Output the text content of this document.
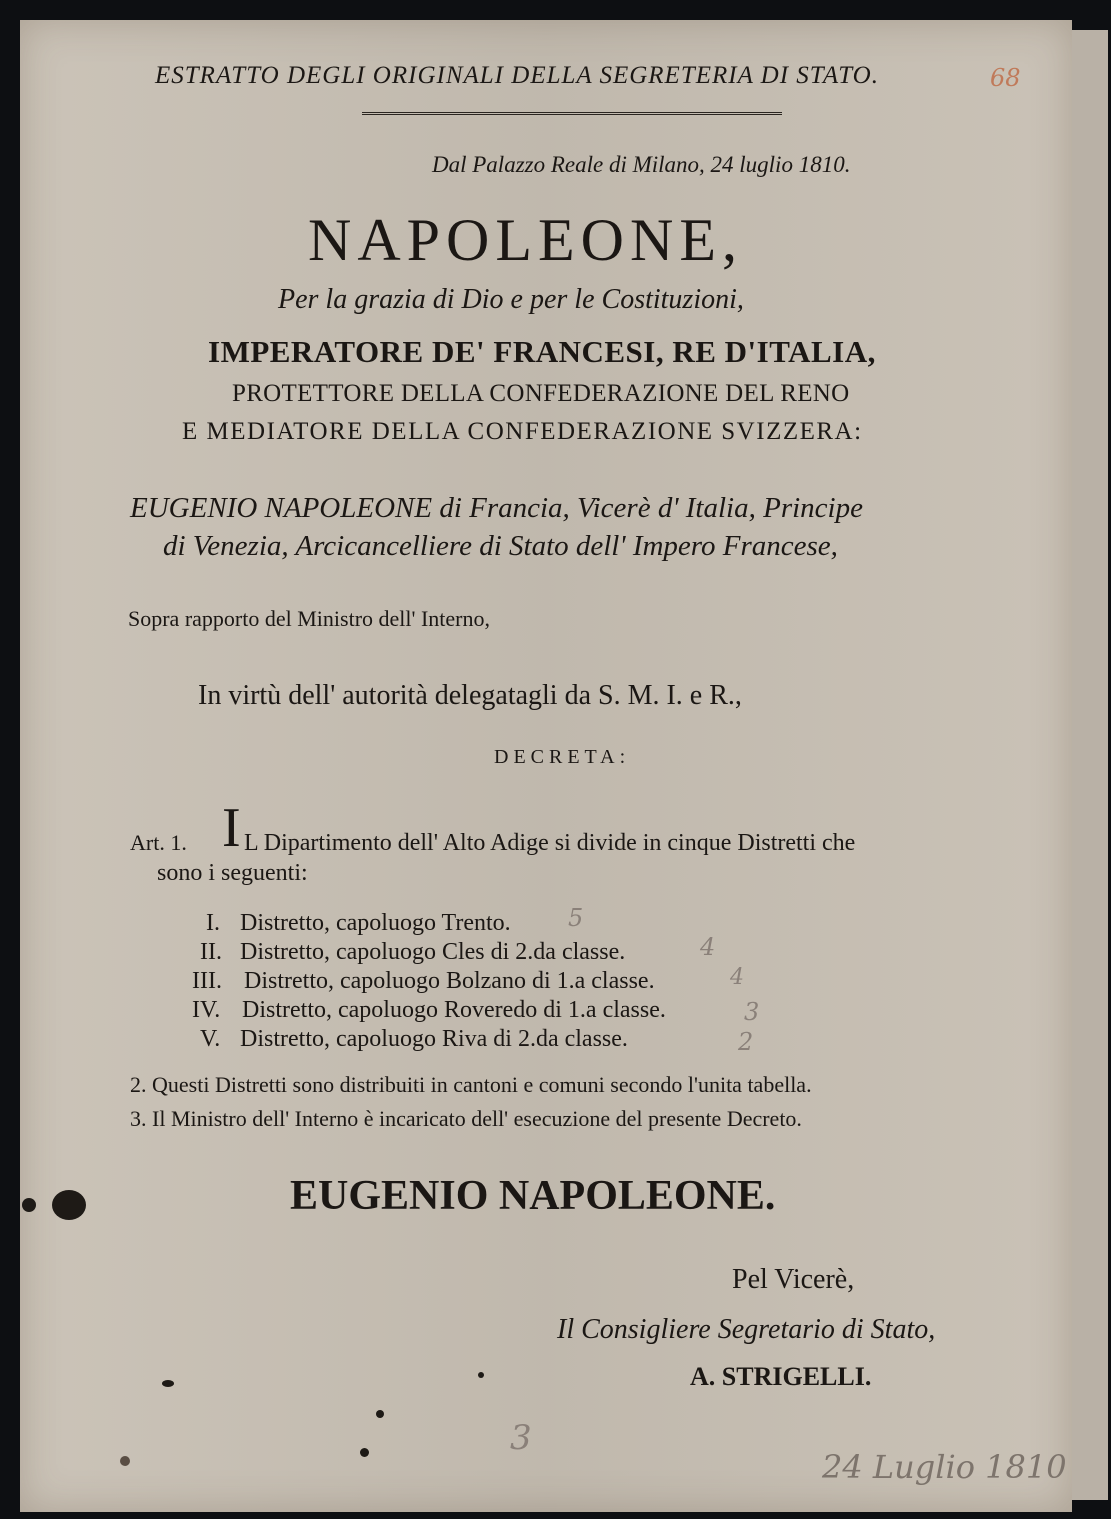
ESTRATTO DEGLI ORIGINALI DELLA SEGRETERIA DI STATO.	68
Dal Palazzo Reale di Milano, 24 luglio 1810.
NAPOLEONE,
Per la grazia di Dio e per le Costituzioni,
IMPERATORE DE' FRANCESI, RE D'ITALIA,
PROTETTORE DELLA CONFEDERAZIONE DEL RENO
E MEDIATORE DELLA CONFEDERAZIONE SVIZZERA:
EUGENIO NAPOLEONE di Francia, Vicerè d' Italia, Principe
di Venezia, Arcicancelliere di Stato dell' Impero Francese,
Sopra rapporto del Ministro dell' Interno,
In virtù dell' autorità delegatagli da S. M. I. e R.,
DECRETA:
Art. 1. I L Dipartimento dell' Alto Adige si divide in cinque Distretti che
sono i seguenti:
I. Distretto, capoluogo Trento. 5
II. Distretto, capoluogo Cles di 2.da classe.	4
III. Distretto, capoluogo Bolzano di 1.a classe.	4
IV. Distretto, capoluogo Roveredo di 1.a classe.	3
V. Distretto, capoluogo Riva di 2.da classe.	2
2. Questi Distretti sono distribuiti in cantoni e comuni secondo l'unita tabella.
3. Il Ministro dell' Interno è incaricato dell' esecuzione del presente Decreto.
EUGENIO NAPOLEONE.
Pel Vicerè,
Il Consigliere Segretario di Stato,
A. STRIGELLI.
3
24 Luglio 1810
